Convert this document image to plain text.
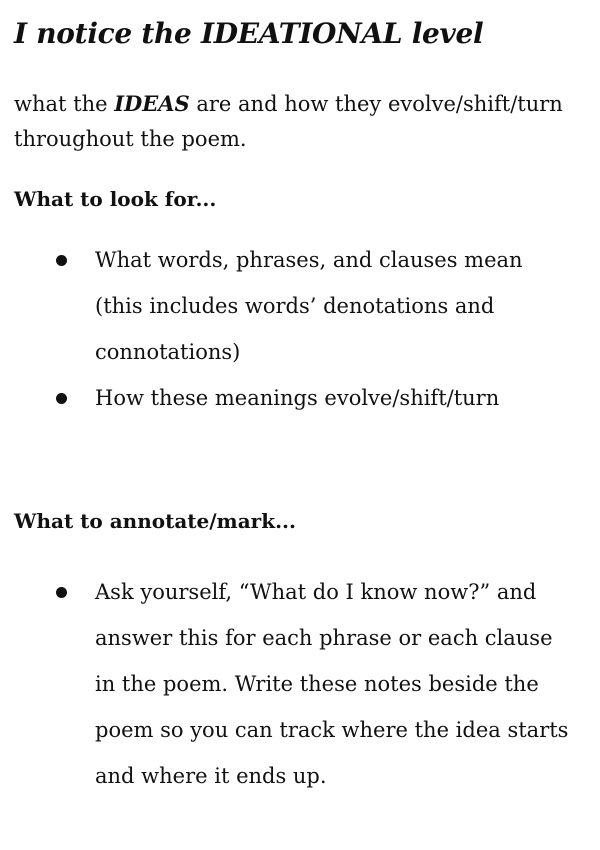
I notice the IDEATIONAL level

what the IDEAS are and how they evolve/shift/turn throughout the poem.

What to look for...
What words, phrases, and clauses mean (this includes words’ denotations and connotations)
How these meanings evolve/shift/turn
What to annotate/mark...
Ask yourself, “What do I know now?” and answer this for each phrase or each clause in the poem. Write these notes beside the poem so you can track where the idea starts and where it ends up.
